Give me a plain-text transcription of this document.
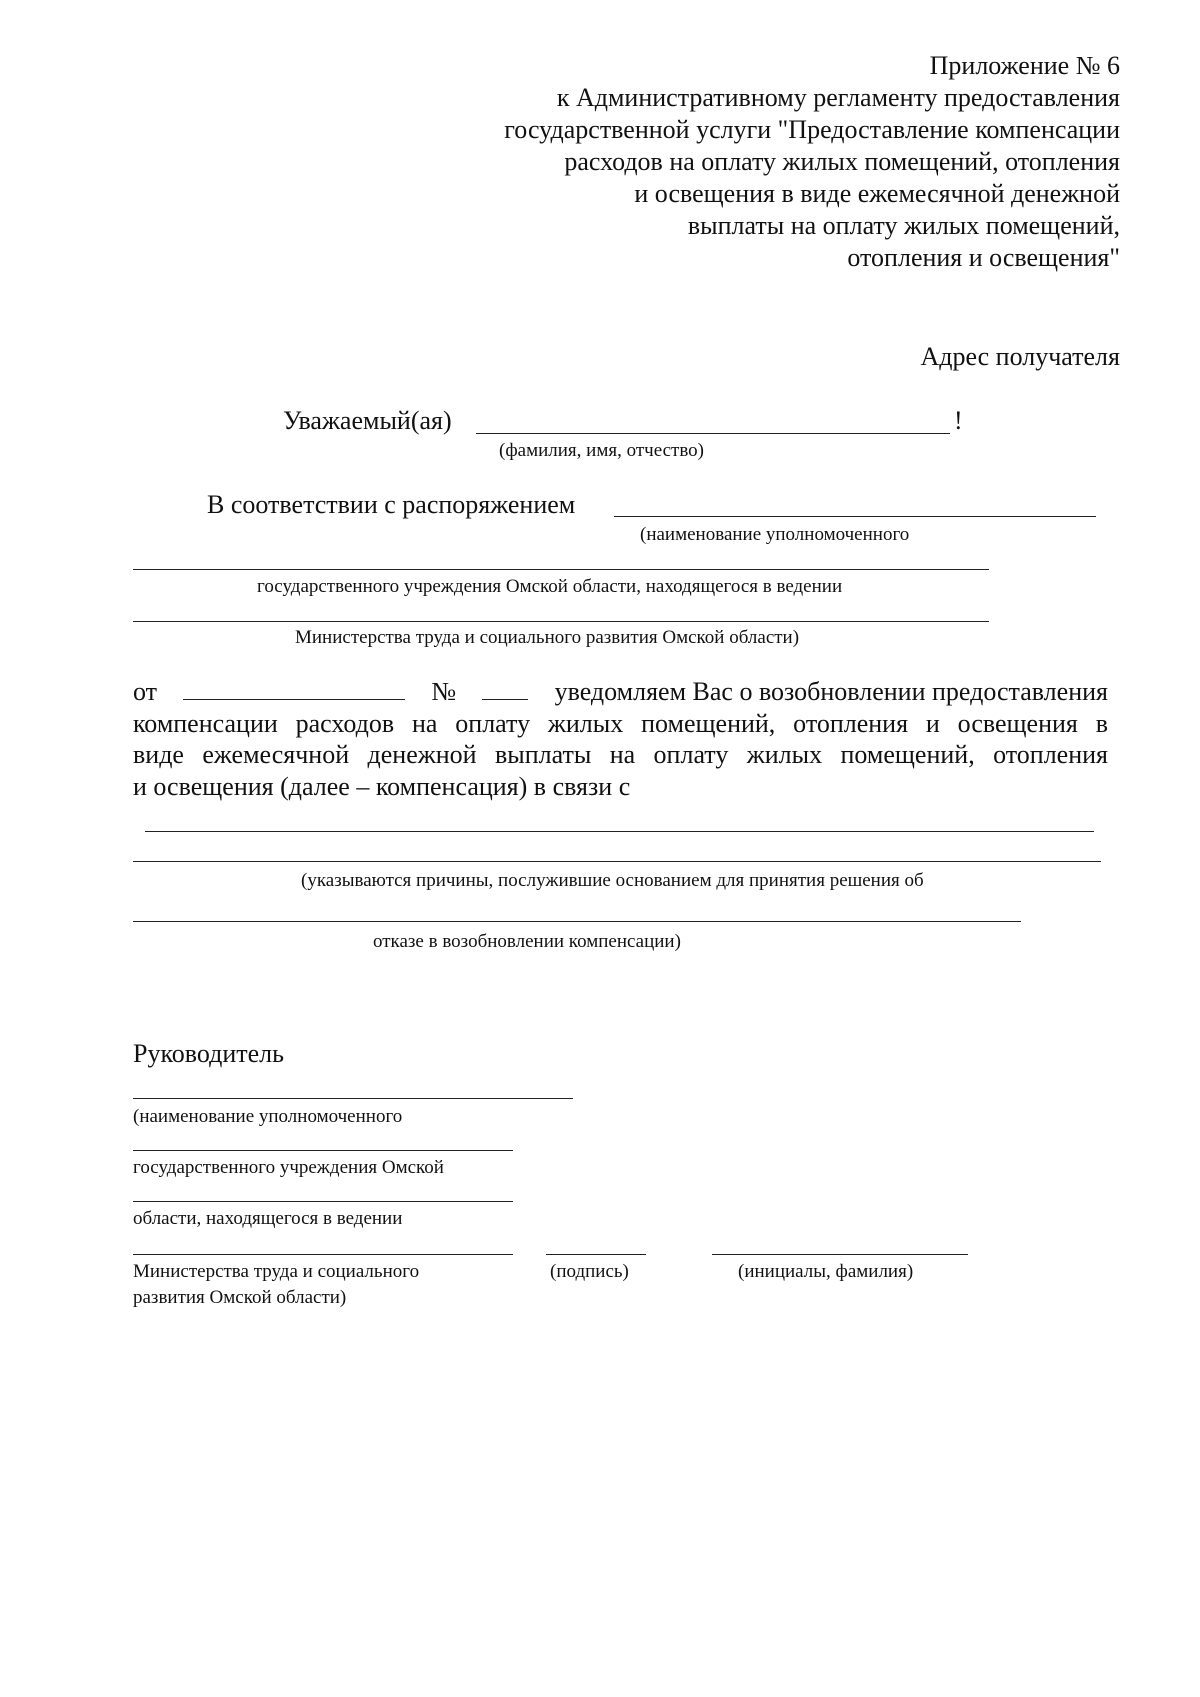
Приложение № 6
к Административному регламенту предоставления
государственной услуги "Предоставление компенсации
расходов на оплату жилых помещений, отопления
и освещения в виде ежемесячной денежной
выплаты на оплату жилых помещений,
отопления и освещения"
Адрес получателя
Уважаемый(ая)	!
(фамилия, имя, отчество)
В соответствии с распоряжением
(наименование уполномоченного
государственного учреждения Омской области, находящегося в ведении
Министерства труда и социального развития Омской области)
от	№	уведомляем Вас о возобновлении предоставления
компенсации расходов на оплату жилых помещений, отопления и освещения в
виде ежемесячной денежной выплаты на оплату жилых помещений, отопления
и освещения (далее – компенсация) в связи с
(указываются причины, послужившие основанием для принятия решения об
отказе в возобновлении компенсации)
Руководитель
(наименование уполномоченного
государственного учреждения Омской
области, находящегося в ведении
Министерства труда и социального
развития Омской области)
(подпись)	(инициалы, фамилия)
